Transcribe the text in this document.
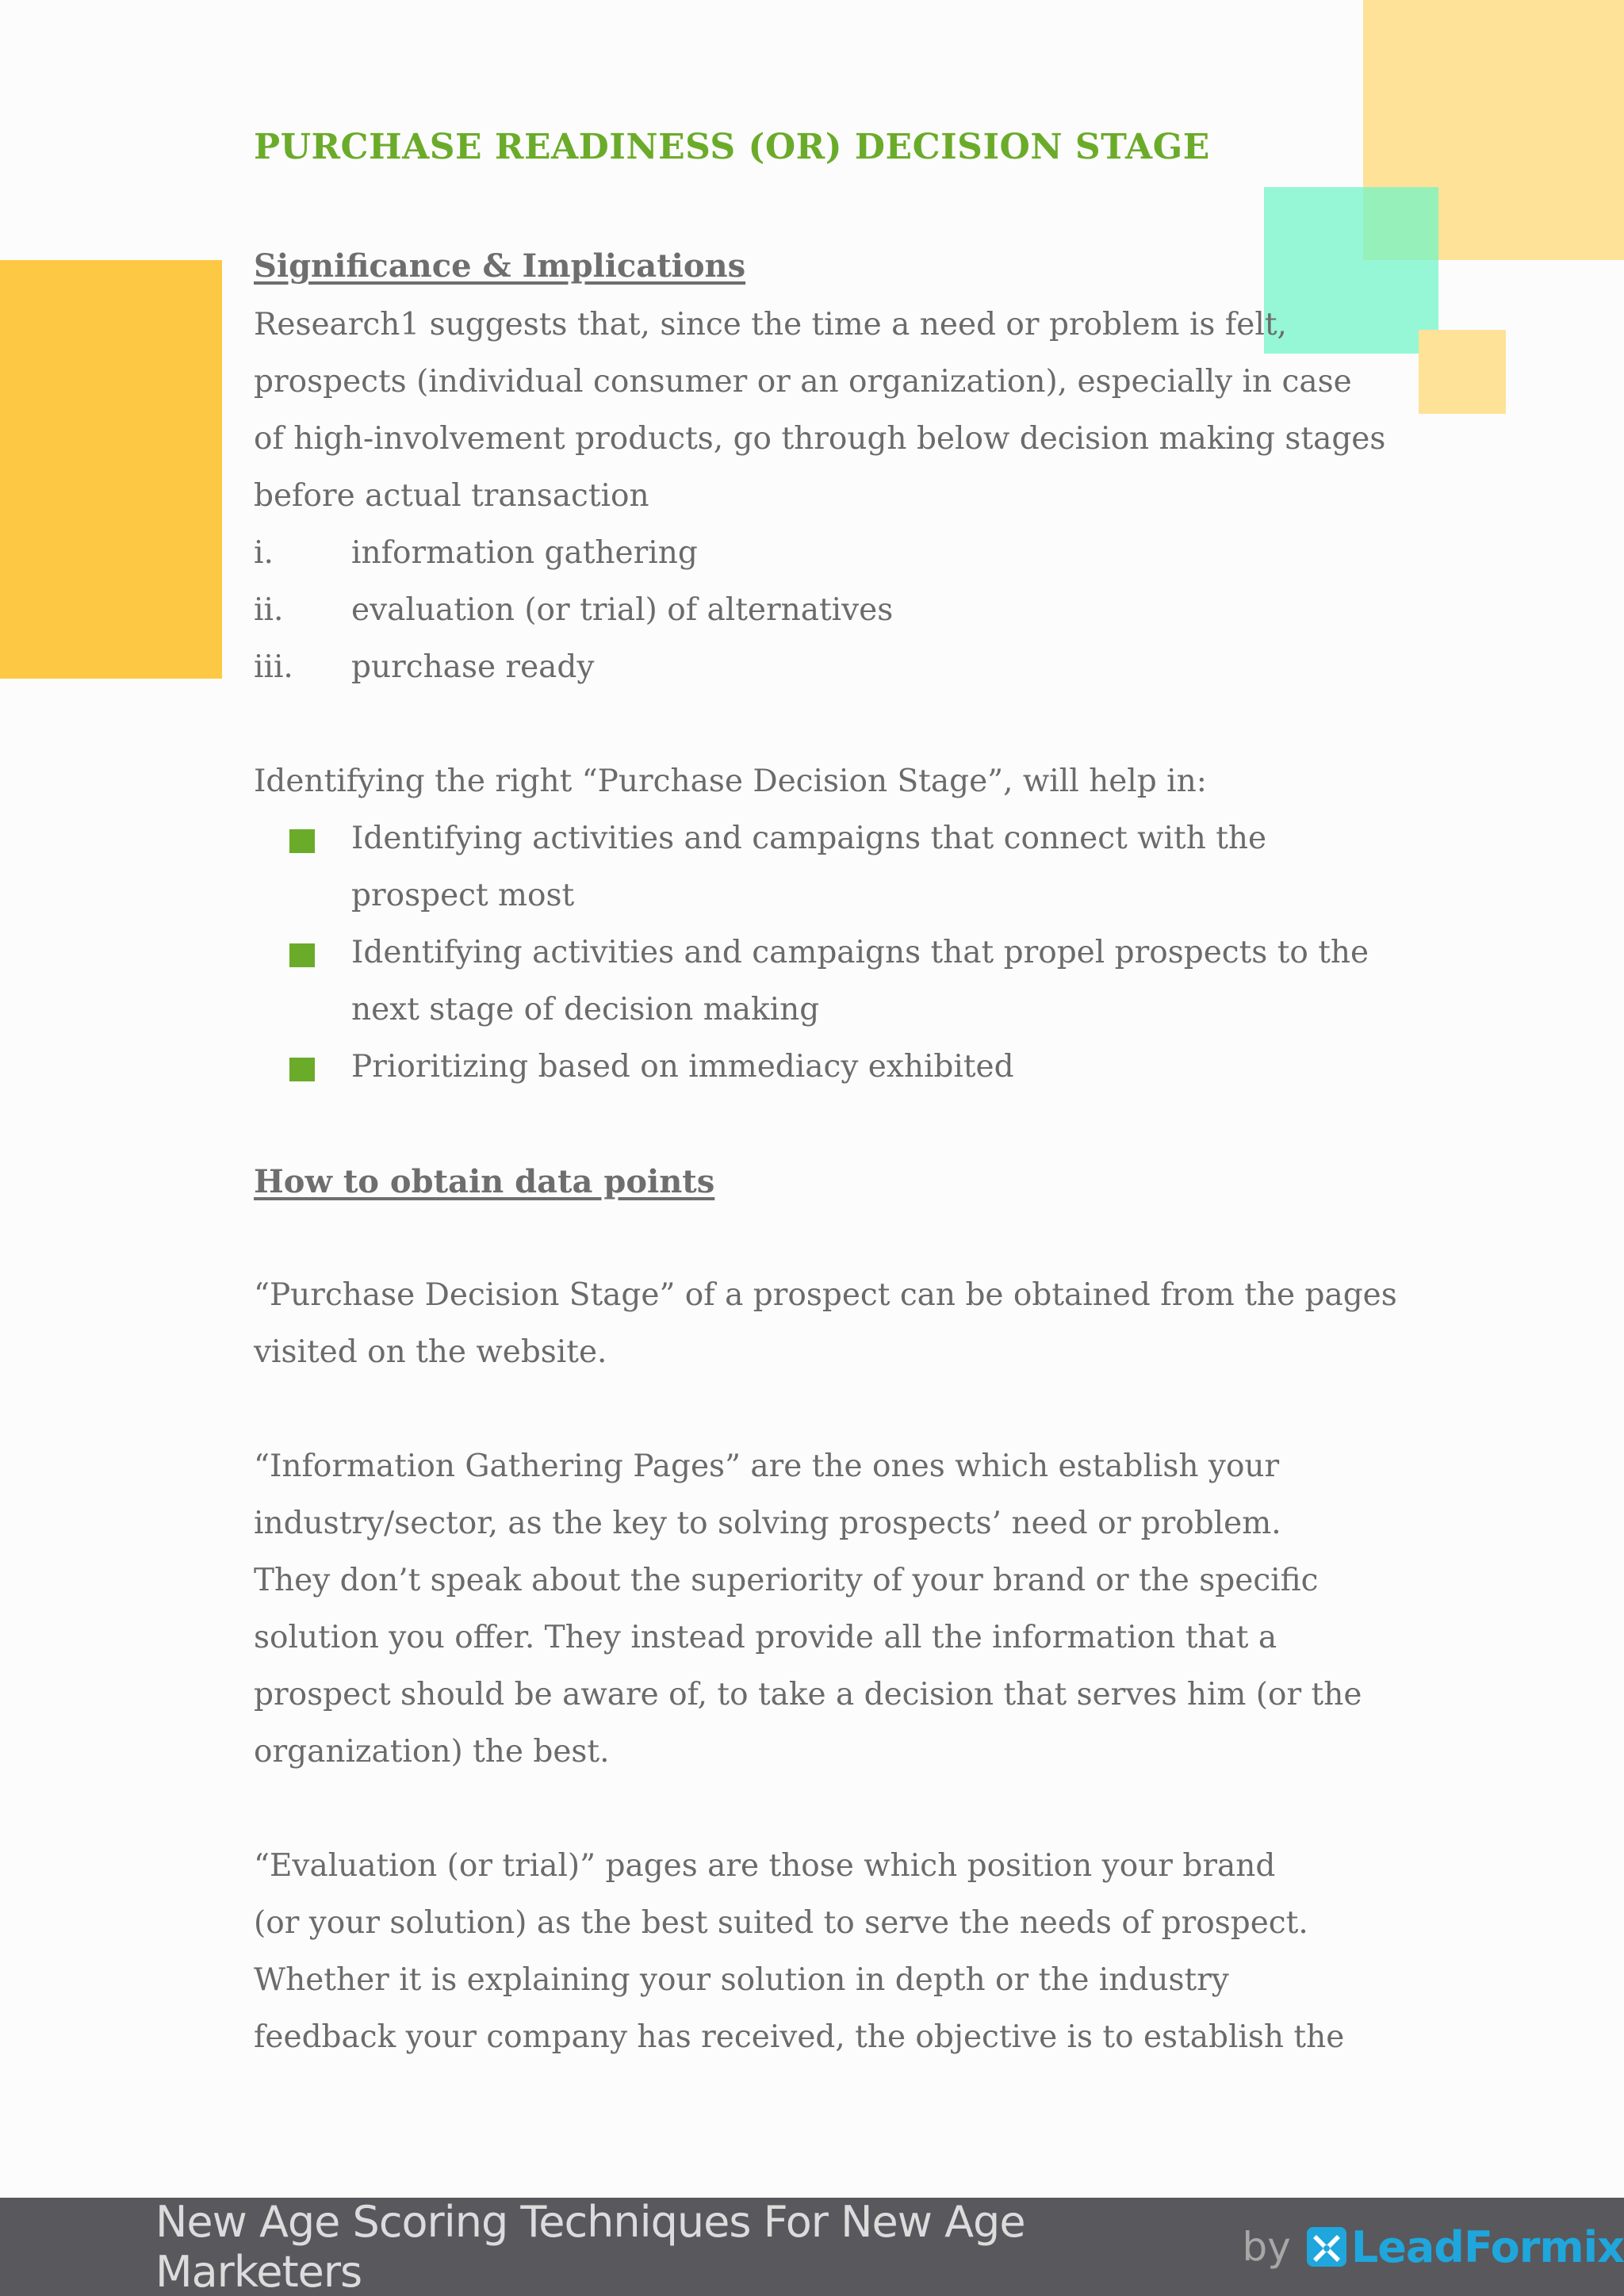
PURCHASE READINESS (OR) DECISION STAGE
Significance & Implications
Research1 suggests that, since the time a need or problem is felt,
prospects (individual consumer or an organization), especially in case
of high-involvement products, go through below decision making stages
before actual transaction
i.	information gathering
ii. evaluation (or trial) of alternatives
iii. purchase ready
Identifying the right “Purchase Decision Stage”, will help in:
Identifying activities and campaigns that connect with the
prospect most
Identifying activities and campaigns that propel prospects to the
next stage of decision making
Prioritizing based on immediacy exhibited
How to obtain data points
“Purchase Decision Stage” of a prospect can be obtained from the pages
visited on the website.
“Information Gathering Pages” are the ones which establish your
industry/sector, as the key to solving prospects’ need or problem.
They don’t speak about the superiority of your brand or the specific
solution you offer. They instead provide all the information that a
prospect should be aware of, to take a decision that serves him (or the
organization) the best.
“Evaluation (or trial)” pages are those which position your brand
(or your solution) as the best suited to serve the needs of prospect.
Whether it is explaining your solution in depth or the industry
feedback your company has received, the objective is to establish the
New Age Scoring Techniques For New Age Marketers	by LeadFormix
